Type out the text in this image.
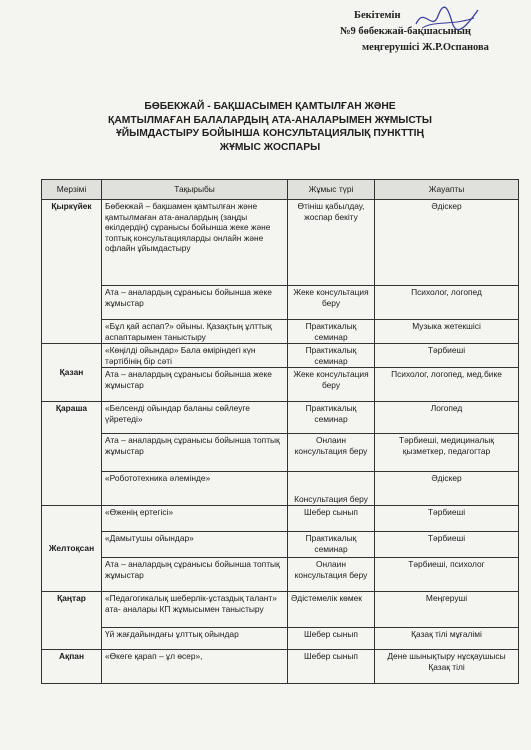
Бекітемін
№9 бөбекжай-бақшасының
меңгерушісі Ж.Р.Оспанова
БӨБЕКЖАЙ - БАҚШАСЫМЕН ҚАМТЫЛҒАН ЖӘНЕ
ҚАМТЫЛМАҒАН БАЛАЛАРДЫҢ АТА-АНАЛАРЫМЕН ЖҰМЫСТЫ
ҰЙЫМДАСТЫРУ БОЙЫНША КОНСУЛЬТАЦИЯЛЫҚ ПУНКТТІҢ
ЖҰМЫС ЖОСПАРЫ
Мерзімі	Тақырыбы	Жұмыс түрі	Жауапты
Қыркүйек	Бөбекжай – бақшамен қамтылған және қамтылмаған ата-аналардың (заңды өкілдердің) сұранысы бойынша жеке және топтық консультацияларды онлайн және офлайн ұйымдастыру	Өтініш қабылдау, жоспар бекіту	Әдіскер
	Ата – аналардың сұранысы бойынша жеке жұмыстар	Жеке консультация беру	Психолог, логопед
	«Бұл қай аспап?» ойыны. Қазақтың ұлттық аспаптарымен таныстыру	Практикалық семинар	Музыка жетекшісі
Қазан	«Көңілді ойындар» Бала өміріндегі күн тәртібінің бір сәті	Практикалық семинар	Тәрбиеші
	Ата – аналардың сұранысы бойынша жеке жұмыстар	Жеке консультация беру	Психолог, логопед, мед.бике
Қараша	«Белсенді ойындар баланы сөйлеуге үйретеді»	Практикалық семинар	Логопед
	Ата – аналардың сұранысы бойынша топтық жұмыстар	Онлаин консультация беру	Тәрбиеші, медициналық қызметкер, педагогтар
	«Робототехника әлемінде»	Консультация беру	Әдіскер
Желтоқсан	«Өженің ертегісі»	Шебер сынып	Тәрбиеші
	«Дамытушы ойындар»	Практикалық семинар	Тәрбиеші
	Ата – аналардың сұранысы бойынша топтық жұмыстар	Онлаин консультация беру	Тәрбиеші, психолог
Қаңтар	«Педагогикалық шеберлік-ұстаздық талант» ата- аналары КП жұмысымен таныстыру	Әдістемелік көмек	Меңгеруші
	Үй жағдайындағы ұлттық ойындар	Шебер сынып	Қазақ тілі мұғалімі
Ақпан	«Өкеге қарап – ұл өсер»,	Шебер сынып	Дене шынықтыру нұсқаушысы Қазақ тілі
